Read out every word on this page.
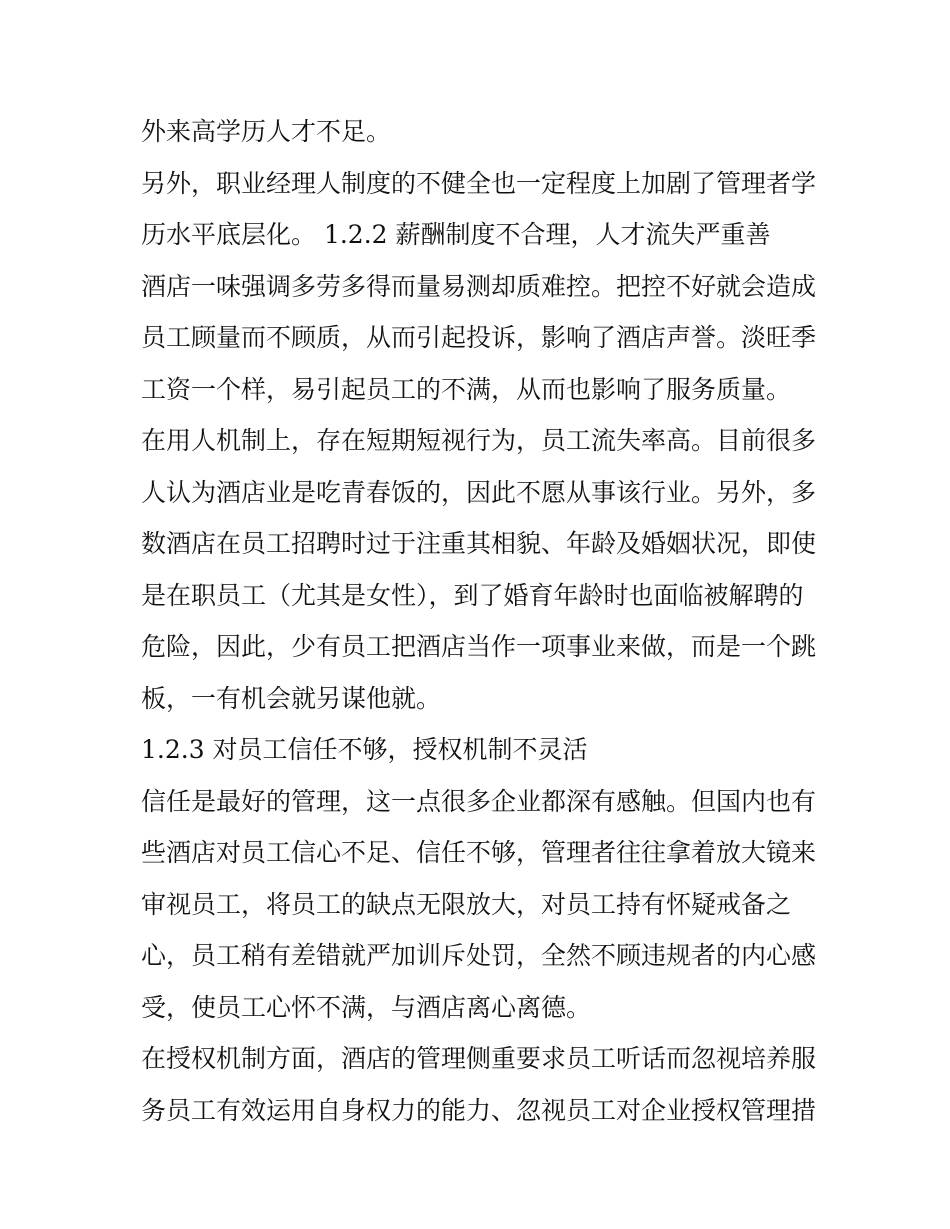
外来高学历人才不足。
另外，职业经理人制度的不健全也一定程度上加剧了管理者学
历水平底层化。 1.2.2 薪酬制度不合理，人才流失严重善
酒店一味强调多劳多得而量易测却质难控。把控不好就会造成
员工顾量而不顾质，从而引起投诉，影响了酒店声誉。淡旺季
工资一个样，易引起员工的不满，从而也影响了服务质量。
在用人机制上，存在短期短视行为，员工流失率高。目前很多
人认为酒店业是吃青春饭的，因此不愿从事该行业。另外，多
数酒店在员工招聘时过于注重其相貌、年龄及婚姻状况，即使
是在职员工（尤其是女性），到了婚育年龄时也面临被解聘的
危险，因此，少有员工把酒店当作一项事业来做，而是一个跳
板，一有机会就另谋他就。
1.2.3 对员工信任不够，授权机制不灵活
信任是最好的管理，这一点很多企业都深有感触。但国内也有
些酒店对员工信心不足、信任不够，管理者往往拿着放大镜来
审视员工，将员工的缺点无限放大，对员工持有怀疑戒备之
心，员工稍有差错就严加训斥处罚，全然不顾违规者的内心感
受，使员工心怀不满，与酒店离心离德。
在授权机制方面，酒店的管理侧重要求员工听话而忽视培养服
务员工有效运用自身权力的能力、忽视员工对企业授权管理措
